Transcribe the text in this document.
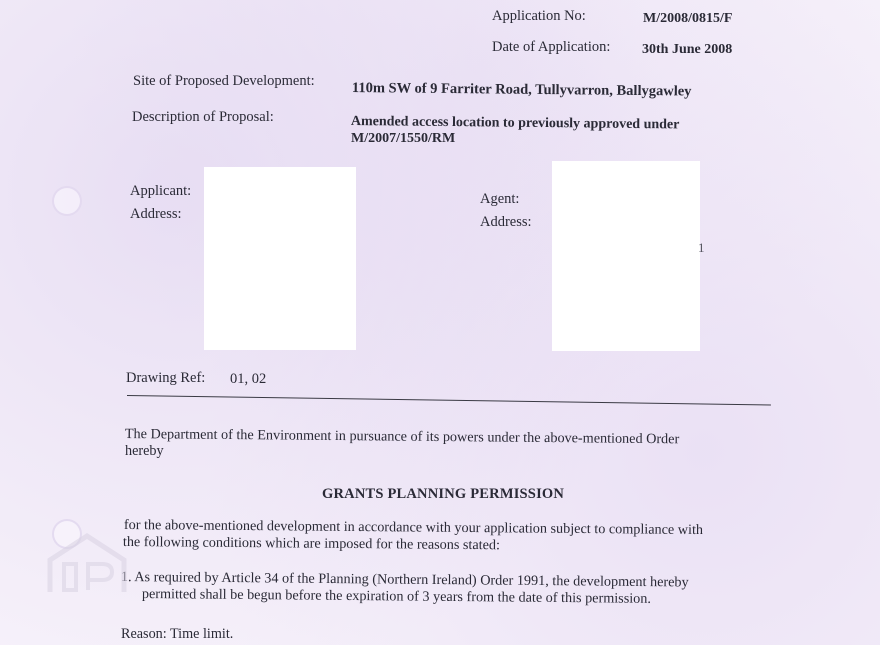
Application No:	M/2008/0815/F
Date of Application: 30th June 2008
Site of Proposed Development:	110m SW of 9 Farriter Road, Tullyvarron, Ballygawley
Description of Proposal:	Amended access location to previously approved under
M/2007/1550/RM
Applicant:
Address:
Agent:
Address:
1
Drawing Ref: 01, 02
The Department of the Environment in pursuance of its powers under the above-mentioned Order
hereby
GRANTS PLANNING PERMISSION
for the above-mentioned development in accordance with your application subject to compliance with
the following conditions which are imposed for the reasons stated:
1. As required by Article 34 of the Planning (Northern Ireland) Order 1991, the development hereby
permitted shall be begun before the expiration of 3 years from the date of this permission.
Reason: Time limit.
